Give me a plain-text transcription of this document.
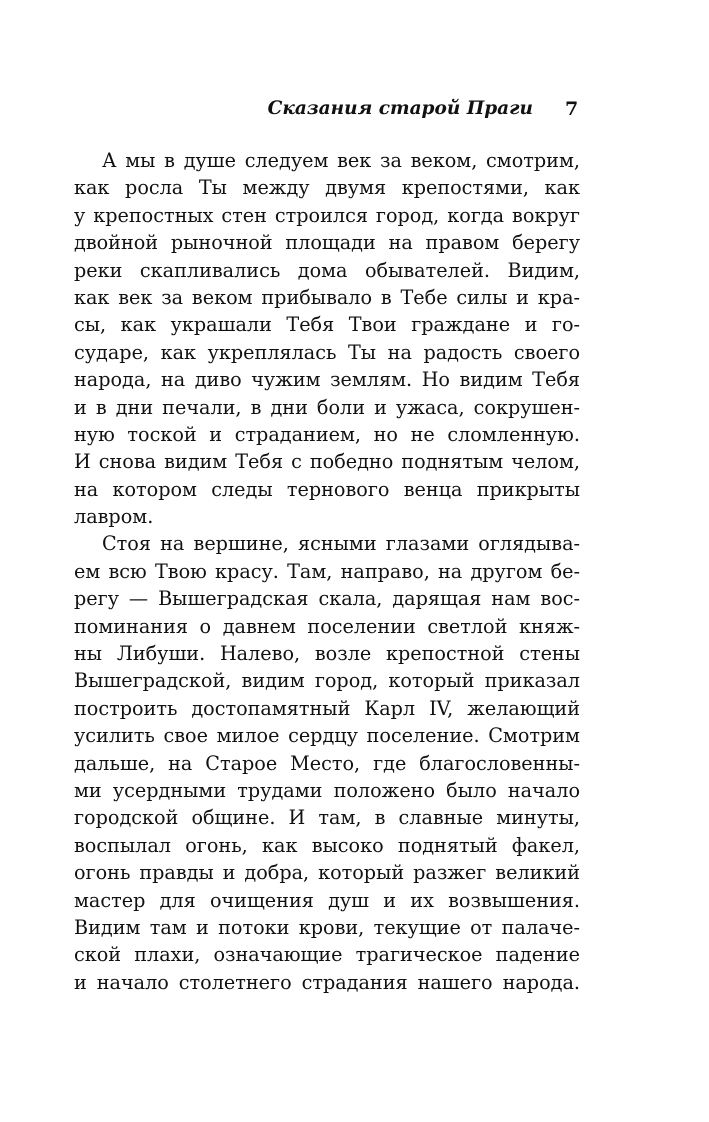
Сказания старой Праги 7

А мы в душе следуем век за веком, смотрим,
как росла Ты между двумя крепостями, как
у крепостных стен строился город, когда вокруг
двойной рыночной площади на правом берегу
реки скапливались дома обывателей. Видим,
как век за веком прибывало в Тебе силы и кра-
сы, как украшали Тебя Твои граждане и го-
сударе, как укреплялась Ты на радость своего
народа, на диво чужим землям. Но видим Тебя
и в дни печали, в дни боли и ужаса, сокрушен-
ную тоской и страданием, но не сломленную.
И снова видим Тебя с победно поднятым челом,
на котором следы тернового венца прикрыты
лавром.

Стоя на вершине, ясными глазами оглядыва-
ем всю Твою красу. Там, направо, на другом бе-
регу — Вышеградская скала, дарящая нам вос-
поминания о давнем поселении светлой княж-
ны Либуши. Налево, возле крепостной стены
Вышеградской, видим город, который приказал
построить достопамятный Карл IV, желающий
усилить свое милое сердцу поселение. Смотрим
дальше, на Старое Место, где благословенны-
ми усердными трудами положено было начало
городской общине. И там, в славные минуты,
воспылал огонь, как высоко поднятый факел,
огонь правды и добра, который разжег великий
мастер для очищения душ и их возвышения.
Видим там и потоки крови, текущие от палаче-
ской плахи, означающие трагическое падение
и начало столетнего страдания нашего народа.
